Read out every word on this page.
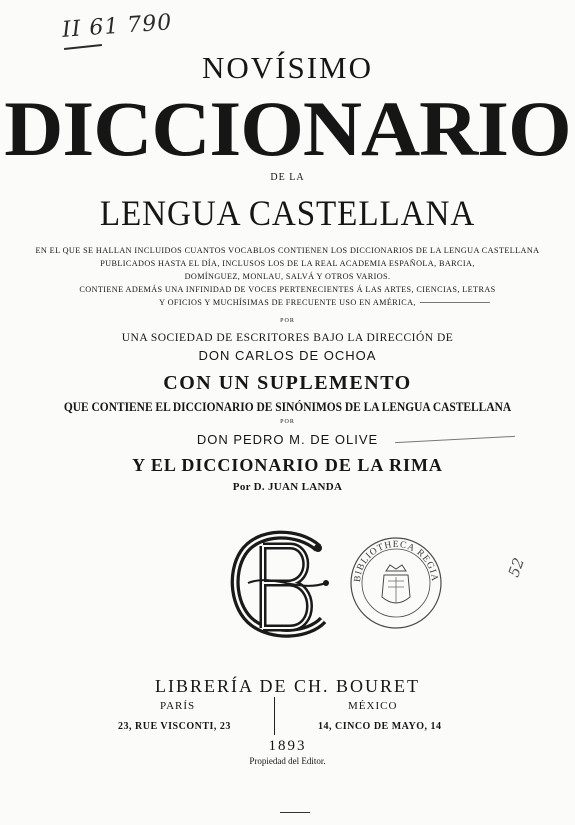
II 61 790
NOVÍSIMO
DICCIONARIO
DE LA
LENGUA CASTELLANA
EN EL QUE SE HALLAN INCLUIDOS CUANTOS VOCABLOS CONTIENEN LOS DICCIONARIOS DE LA LENGUA CASTELLANA
PUBLICADOS HASTA EL DÍA, INCLUSOS LOS DE LA REAL ACADEMIA ESPAÑOLA, BARCIA,
DOMÍNGUEZ, MONLAU, SALVÁ Y OTROS VARIOS.
CONTIENE ADEMÁS UNA INFINIDAD DE VOCES PERTENECIENTES Á LAS ARTES, CIENCIAS, LETRAS
Y OFICIOS Y MUCHÍSIMAS DE FRECUENTE USO EN AMÉRICA,
POR
UNA SOCIEDAD DE ESCRITORES BAJO LA DIRECCIÓN DE
DON CARLOS DE OCHOA
CON UN SUPLEMENTO
QUE CONTIENE EL DICCIONARIO DE SINÓNIMOS DE LA LENGUA CASTELLANA
POR
DON PEDRO M. DE OLIVE
Y EL DICCIONARIO DE LA RIMA
Por D. JUAN LANDA
BIBLIOTHECA REGIA	52
LIBRERÍA DE CH. BOURET
PARÍS	MÉXICO
23, RUE VISCONTI, 23	14, CINCO DE MAYO, 14
1893
Propiedad del Editor.
